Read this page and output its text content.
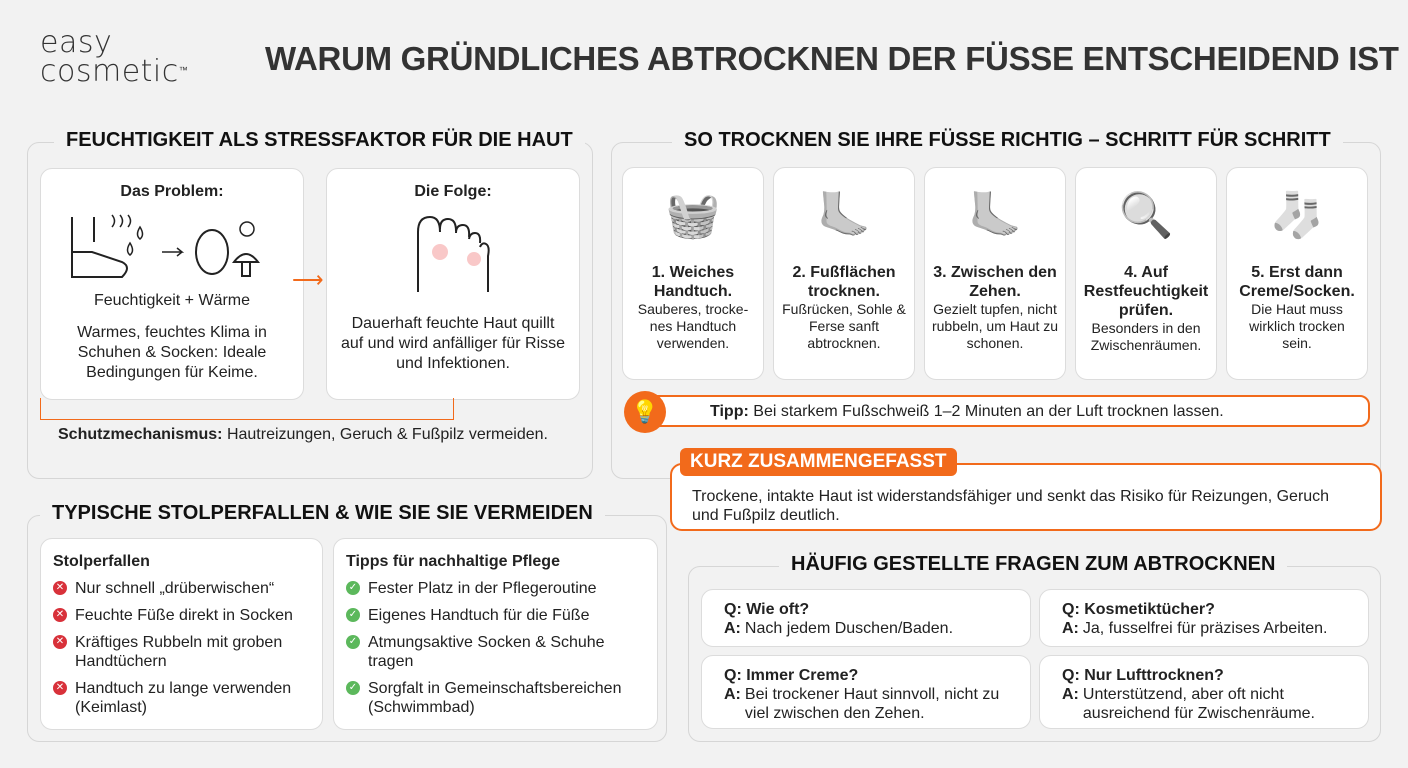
easy
cosmetic™ WARUM GRÜNDLICHES ABTROCKNEN DER FÜSSE ENTSCHEIDEND IST
FEUCHTIGKEIT ALS STRESSFAKTOR FÜR DIE HAUT
Das Problem:

Feuchtigkeit + Wärme

Warmes, feuchtes Klima in Schuhen & Socken: Ideale Bedingungen für Keime.

⟶
Die Folge:

Dauerhaft feuchte Haut quillt auf und wird anfälliger für Risse und Infektionen.

Schutzmechanismus: Hautreizungen, Geruch & Fußpilz vermeiden.
SO TROCKNEN SIE IHRE FÜSSE RICHTIG – SCHRITT FÜR SCHRITT
🧺
1. Weiches Handtuch.

Sauberes, trocke-nes Handtuch verwenden.

🦶
2. Fußflächen trocknen.

Fußrücken, Sohle & Ferse sanft abtrocknen.

🦶
3. Zwischen den Zehen.

Gezielt tupfen, nicht rubbeln, um Haut zu schonen.

🔍
4. Auf Restfeuchtigkeit prüfen.

Besonders in den Zwischenräumen.

🧦
5. Erst dann Creme/Socken.

Die Haut muss wirklich trocken sein.

Tipp: Bei starkem Fußschweiß 1–2 Minuten an der Luft trocknen lassen.
💡
Trockene, intakte Haut ist widerstandsfähiger und senkt das Risiko für Reizungen, Geruch und Fußpilz deutlich.
KURZ ZUSAMMENGEFASST
TYPISCHE STOLPERFALLEN & WIE SIE SIE VERMEIDEN
Stolperfallen
✕ Nur schnell „drüberwischen“
✕ Feuchte Füße direkt in Socken
✕ Kräftiges Rubbeln mit groben Handtüchern
✕ Handtuch zu lange verwenden (Keimlast)
Tipps für nachhaltige Pflege
✓ Fester Platz in der Pflegeroutine
✓ Eigenes Handtuch für die Füße
✓ Atmungsaktive Socken & Schuhe tragen
✓ Sorgfalt in Gemeinschaftsbereichen (Schwimmbad)
HÄUFIG GESTELLTE FRAGEN ZUM ABTROCKNEN
Q: Wie oft?
A: Nach jedem Duschen/Baden.
Q: Kosmetiktücher?
A: Ja, fusselfrei für präzises Arbeiten.
Q: Immer Creme?
A: Bei trockener Haut sinnvoll, nicht zu viel zwischen den Zehen.
Q: Nur Lufttrocknen?
A: Unterstützend, aber oft nicht ausreichend für Zwischenräume.
